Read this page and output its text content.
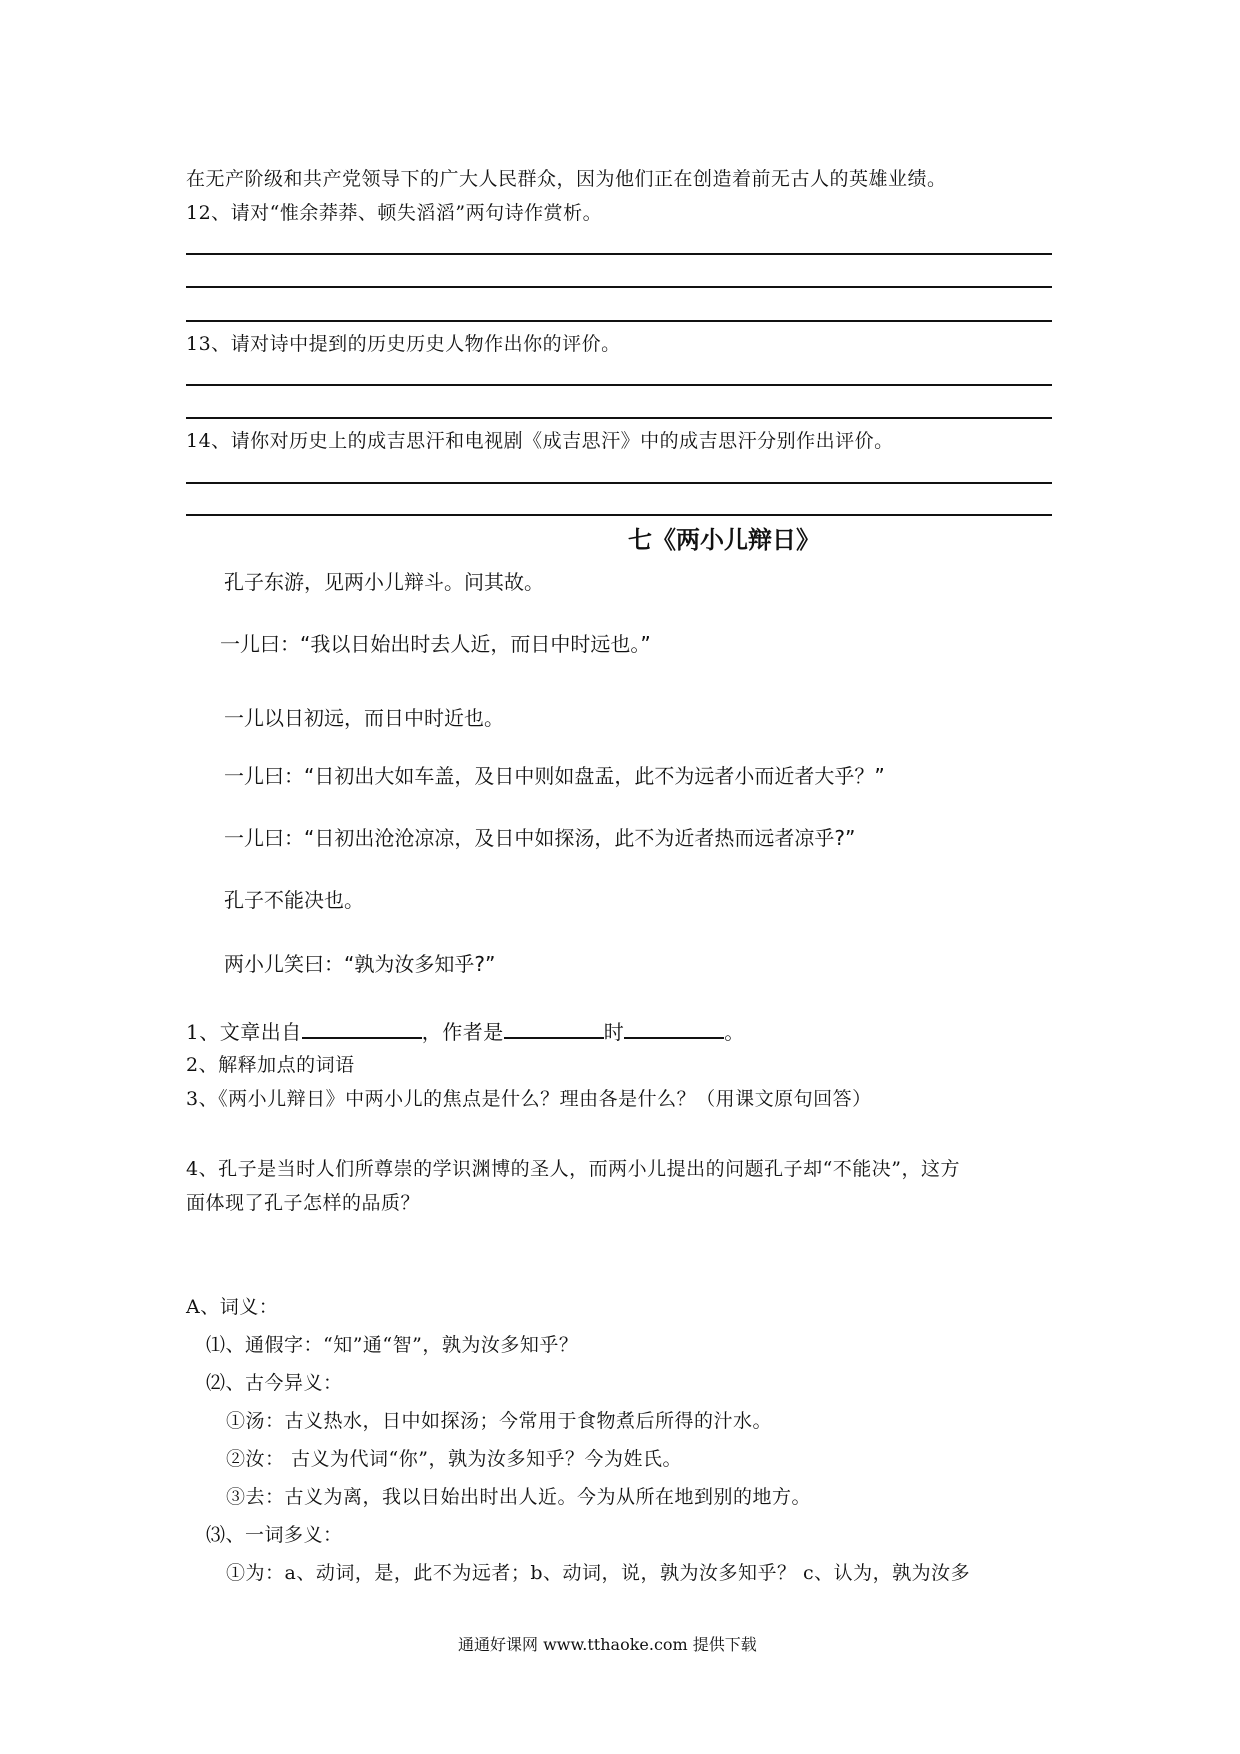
在无产阶级和共产党领导下的广大人民群众，因为他们正在创造着前无古人的英雄业绩。
12、请对“惟余莽莽、顿失滔滔”两句诗作赏析。
13、请对诗中提到的历史历史人物作出你的评价。
14、请你对历史上的成吉思汗和电视剧《成吉思汗》中的成吉思汗分别作出评价。
七《两小儿辩日》
孔子东游，见两小儿辩斗。问其故。
一儿曰：“我以日始出时去人近，而日中时远也。”
一儿以日初远，而日中时近也。
一儿曰：“日初出大如车盖，及日中则如盘盂，此不为远者小而近者大乎？”
一儿曰：“日初出沧沧凉凉，及日中如探汤，此不为近者热而远者凉乎?”
孔子不能决也。
两小儿笑曰：“孰为汝多知乎?”
1、文章出自	，作者是	时	。
2、解释加点的词语
3、《两小儿辩日》中两小儿的焦点是什么？理由各是什么？（用课文原句回答）
4、孔子是当时人们所尊崇的学识渊博的圣人，而两小儿提出的问题孔子却“不能决”，这方
面体现了孔子怎样的品质？
A、词义：
⑴、通假字：“知”通“智”，孰为汝多知乎？
⑵、古今异义：
①汤：古义热水，日中如探汤；今常用于食物煮后所得的汁水。
②汝： 古义为代词“你”，孰为汝多知乎？今为姓氏。
③去：古义为离，我以日始出时出人近。今为从所在地到别的地方。
⑶、一词多义：
①为：a、动词，是，此不为远者；b、动词，说，孰为汝多知乎？ c、认为，孰为汝多
通通好课网 www.tthaoke.com 提供下载
